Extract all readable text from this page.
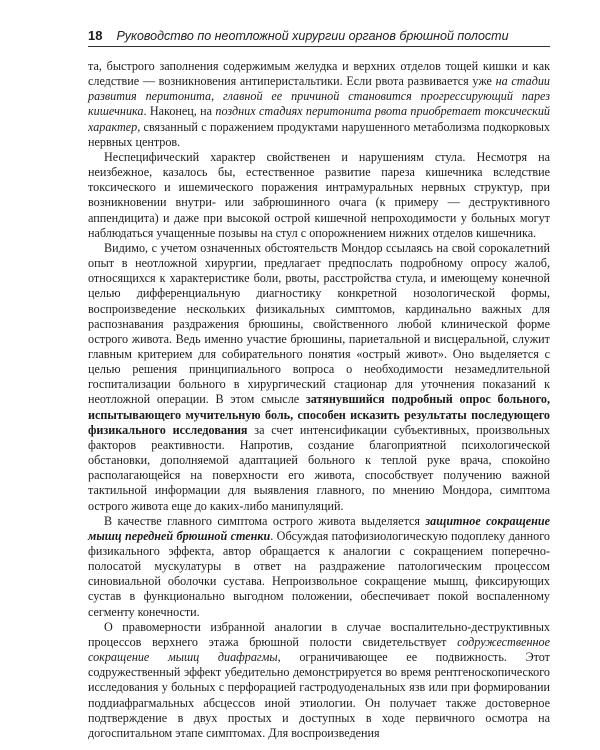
18 Руководство по неотложной хирургии органов брюшной полости

та, быстрого заполнения содержимым желудка и верхних отделов тощей кишки и как следствие — возникновения антиперистальтики. Если рвота развивается уже на стадии развития перитонита, главной ее причиной становится прогрессирующий парез кишечника. Наконец, на поздних стадиях перитонита рвота приобретает токсический характер, связанный с поражением продуктами нарушенного метаболизма подкорковых нервных центров.

Неспецифический характер свойственен и нарушениям стула. Несмотря на неизбежное, казалось бы, естественное развитие пареза кишечника вследствие токсического и ишемического поражения интрамуральных нервных структур, при возникновении внутри- или забрюшинного очага (к примеру — деструктивного аппендицита) и даже при высокой острой кишечной непроходимости у больных могут наблюдаться учащенные позывы на стул с опорожнением нижних отделов кишечника.

Видимо, с учетом означенных обстоятельств Мондор ссылаясь на свой сорокалетний опыт в неотложной хирургии, предлагает предпослать подробному опросу жалоб, относящихся к характеристике боли, рвоты, расстройства стула, и имеющему конечной целью дифференциальную диагностику конкретной нозологической формы, воспроизведение нескольких физикальных симптомов, кардинально важных для распознавания раздражения брюшины, свойственного любой клинической форме острого живота. Ведь именно участие брюшины, париетальной и висцеральной, служит главным критерием для собирательного понятия «острый живот». Оно выделяется с целью решения принципиального вопроса о необходимости незамедлительной госпитализации больного в хирургический стационар для уточнения показаний к неотложной операции. В этом смысле затянувшийся подробный опрос больного, испытывающего мучительную боль, способен исказить результаты последующего физикального исследования за счет интенсификации субъективных, произвольных факторов реактивности. Напротив, создание благоприятной психологической обстановки, дополняемой адаптацией больного к теплой руке врача, спокойно располагающейся на поверхности его живота, способствует получению важной тактильной информации для выявления главного, по мнению Мондора, симптома острого живота еще до каких-либо манипуляций.

В качестве главного симптома острого живота выделяется защитное сокращение мышц передней брюшной стенки. Обсуждая патофизиологическую подоплеку данного физикального эффекта, автор обращается к аналогии с сокращением поперечно-полосатой мускулатуры в ответ на раздражение патологическим процессом синовиальной оболочки сустава. Непроизвольное сокращение мышц, фиксирующих сустав в функционально выгодном положении, обеспечивает покой воспаленному сегменту конечности.

О правомерности избранной аналогии в случае воспалительно-деструктивных процессов верхнего этажа брюшной полости свидетельствует содружественное сокращение мышц диафрагмы, ограничивающее ее подвижность. Этот содружественный эффект убедительно демонстрируется во время рентгеноскопического исследования у больных с перфорацией гастродуоденальных язв или при формировании поддиафрагмальных абсцессов иной этиологии. Он получает также достоверное подтверждение в двух простых и доступных в ходе первичного осмотра на догоспитальном этапе симптомах. Для воспроизведения
